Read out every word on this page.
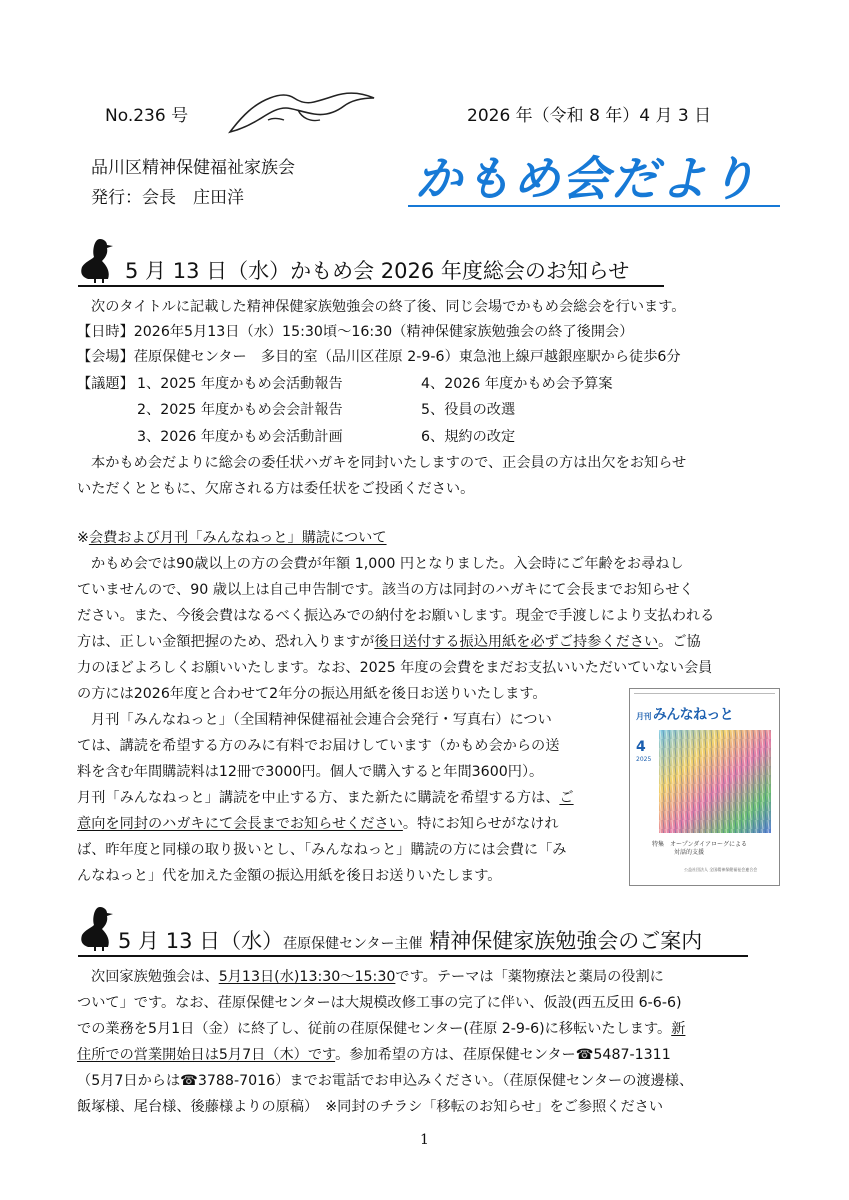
No.236 号	2026 年（令和 8 年）4 月 3 日
品川区精神保健福祉家族会
発行：会長　庄田洋	かもめ会だより
5 月 13 日（水）かもめ会 2026 年度総会のお知らせ
次のタイトルに記載した精神保健家族勉強会の終了後、同じ会場でかもめ会総会を行います。
【日時】2026年5月13日（水）15:30頃～16:30（精神保健家族勉強会の終了後開会）
【会場】荏原保健センター　多目的室（品川区荏原 2-9-6）東急池上線戸越銀座駅から徒歩6分
【議題】 1、2025 年度かもめ会活動報告
2、2025 年度かもめ会会計報告
3、2026 年度かもめ会活動計画
4、2026 年度かもめ会予算案
5、役員の改選
6、規約の改定
本かもめ会だよりに総会の委任状ハガキを同封いたしますので、正会員の方は出欠をお知らせ
いただくとともに、欠席される方は委任状をご投函ください。
※会費および月刊「みんなねっと」購読について
かもめ会では90歳以上の方の会費が年額 1,000 円となりました。入会時にご年齢をお尋ねし
ていませんので、90 歳以上は自己申告制です。該当の方は同封のハガキにて会長までお知らせく
ださい。また、今後会費はなるべく振込みでの納付をお願いします。現金で手渡しにより支払われる
方は、正しい金額把握のため、恐れ入りますが後日送付する振込用紙を必ずご持参ください。ご協
力のほどよろしくお願いいたします。なお、2025 年度の会費をまだお支払いいただいていない会員
の方には2026年度と合わせて2年分の振込用紙を後日お送りいたします。
月刊「みんなねっと」（全国精神保健福祉会連合会発行・写真右）につい
ては、講読を希望する方のみに有料でお届けしています（かもめ会からの送
料を含む年間購読料は12冊で3000円。個人で購入すると年間3600円）。
月刊「みんなねっと」講読を中止する方、また新たに購読を希望する方は、ご
意向を同封のハガキにて会長までお知らせください。特にお知らせがなけれ
ば、昨年度と同様の取り扱いとし、「みんなねっと」購読の方には会費に「み
んなねっと」代を加えた金額の振込用紙を後日お送りいたします。
月刊 みんなねっと
4
2025
特集　 オープンダイアローグによる
対話的支援
公益社団法人 全国精神保健福祉会連合会
5 月 13 日（水）荏原保健センター主催 精神保健家族勉強会のご案内
次回家族勉強会は、5月13日(水)13:30～15:30です。テーマは「薬物療法と薬局の役割に
ついて」です。なお、荏原保健センターは大規模改修工事の完了に伴い、仮設(西五反田 6-6-6)
での業務を5月1日（金）に終了し、従前の荏原保健センター(荏原 2-9-6)に移転いたします。新
住所での営業開始日は5月7日（木）です。参加希望の方は、荏原保健センター☎5487-1311
（5月7日からは☎3788-7016）までお電話でお申込みください。（荏原保健センターの渡邊様、
飯塚様、尾台様、後藤様よりの原稿）　※同封のチラシ「移転のお知らせ」をご参照ください
1
